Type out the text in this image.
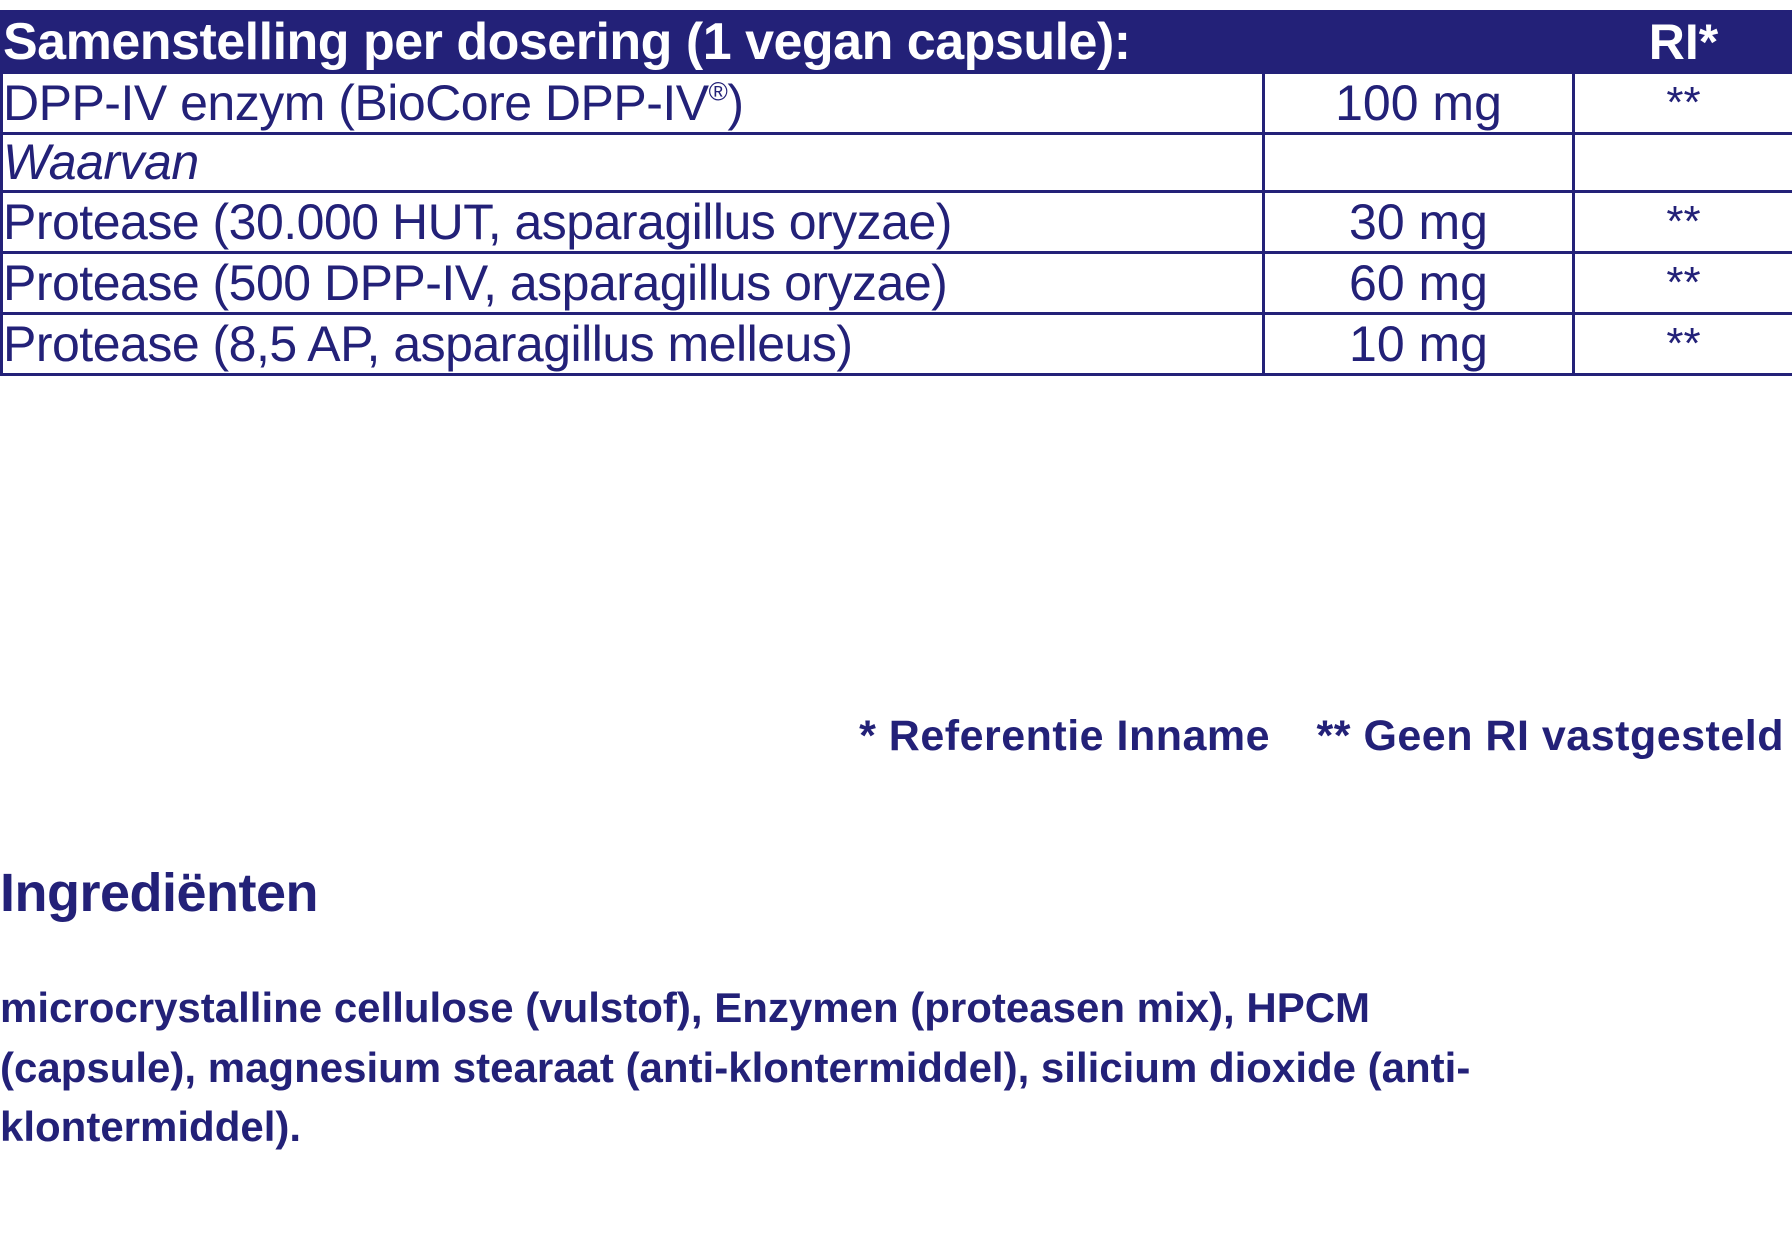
Samenstelling per dosering (1 vegan capsule):		RI*
DPP-IV enzym (BioCore DPP-IV®)	100 mg	**
Waarvan		
Protease (30.000 HUT, asparagillus oryzae)	30 mg	**
Protease (500 DPP-IV, asparagillus oryzae)	60 mg	**
Protease (8,5 AP, asparagillus melleus)	10 mg	**
* Referentie Inname ** Geen RI vastgesteld
Ingrediënten
microcrystalline cellulose (vulstof), Enzymen (proteasen mix), HPCM (capsule), magnesium stearaat (anti-klontermiddel), silicium dioxide (anti-klontermiddel).
